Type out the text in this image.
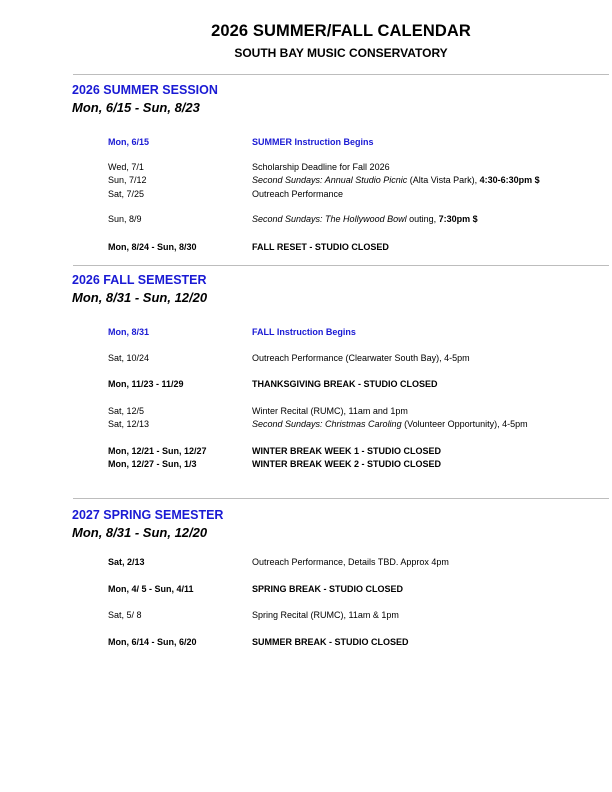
2026 SUMMER/FALL CALENDAR
SOUTH BAY MUSIC CONSERVATORY
2026 SUMMER SESSION
Mon, 6/15 - Sun, 8/23
Mon, 6/15	SUMMER Instruction Begins
Wed, 7/1	Scholarship Deadline for Fall 2026
Sun, 7/12	Second Sundays: Annual Studio Picnic (Alta Vista Park), 4:30-6:30pm $
Sat, 7/25	Outreach Performance
Sun, 8/9	Second Sundays: The Hollywood Bowl outing, 7:30pm $
Mon, 8/24 - Sun, 8/30	FALL RESET - STUDIO CLOSED
2026 FALL SEMESTER
Mon, 8/31 - Sun, 12/20
Mon, 8/31	FALL Instruction Begins
Sat, 10/24	Outreach Performance (Clearwater South Bay), 4-5pm
Mon, 11/23 - 11/29	THANKSGIVING BREAK - STUDIO CLOSED
Sat, 12/5	Winter Recital (RUMC), 11am and 1pm
Sat, 12/13	Second Sundays: Christmas Caroling (Volunteer Opportunity), 4-5pm
Mon, 12/21 - Sun, 12/27	WINTER BREAK WEEK 1 - STUDIO CLOSED
Mon, 12/27 - Sun, 1/3	WINTER BREAK WEEK 2 - STUDIO CLOSED
2027 SPRING SEMESTER
Mon, 8/31 - Sun, 12/20
Sat, 2/13	Outreach Performance, Details TBD. Approx 4pm
Mon, 4/ 5 - Sun, 4/11	SPRING BREAK - STUDIO CLOSED
Sat, 5/ 8	Spring Recital (RUMC), 11am & 1pm
Mon, 6/14 - Sun, 6/20	SUMMER BREAK - STUDIO CLOSED
